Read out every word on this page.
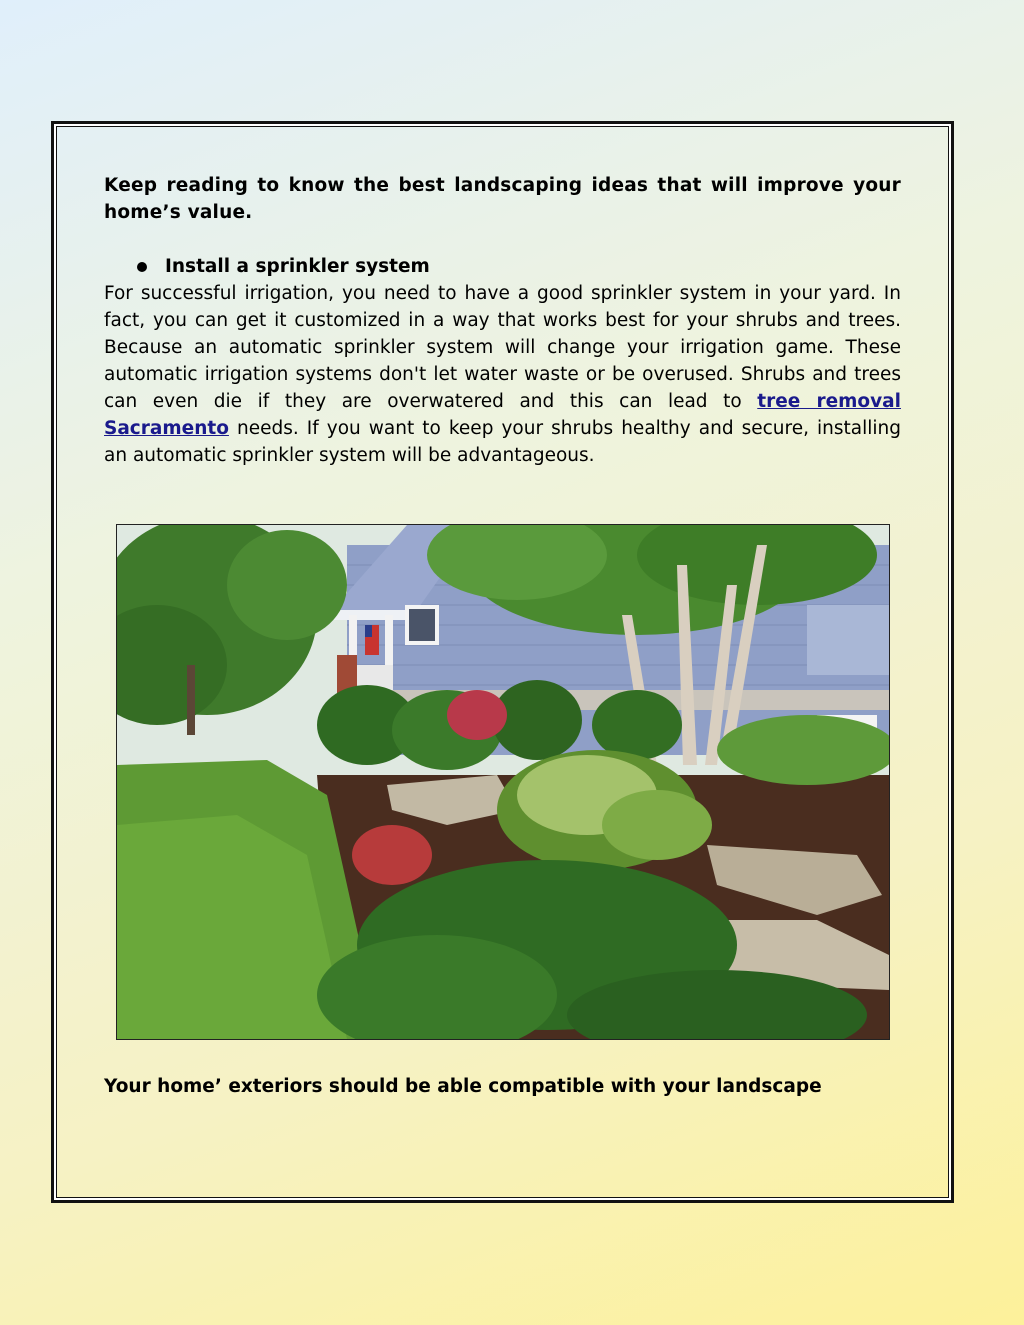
Keep reading to know the best landscaping ideas that will improve your home’s value.

Install a sprinkler system

For successful irrigation, you need to have a good sprinkler system in your yard. In fact, you can get it customized in a way that works best for your shrubs and trees. Because an automatic sprinkler system will change your irrigation game. These automatic irrigation systems don't let water waste or be overused. Shrubs and trees can even die if they are overwatered and this can lead to tree removal Sacramento needs. If you want to keep your shrubs healthy and secure, installing an automatic sprinkler system will be advantageous.

Your home’ exteriors should be able compatible with your landscape
